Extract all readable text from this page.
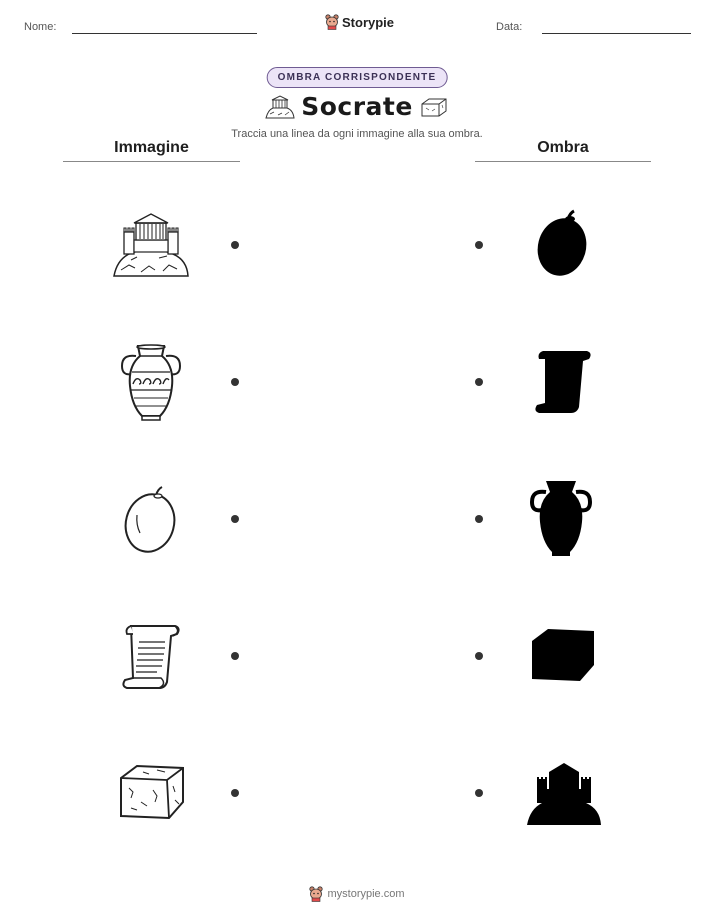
Nome:	Storypie	Data:
OMBRA CORRISPONDENTE
Socrate
Traccia una linea da ogni immagine alla sua ombra.
Immagine	Ombra
mystorypie.com
